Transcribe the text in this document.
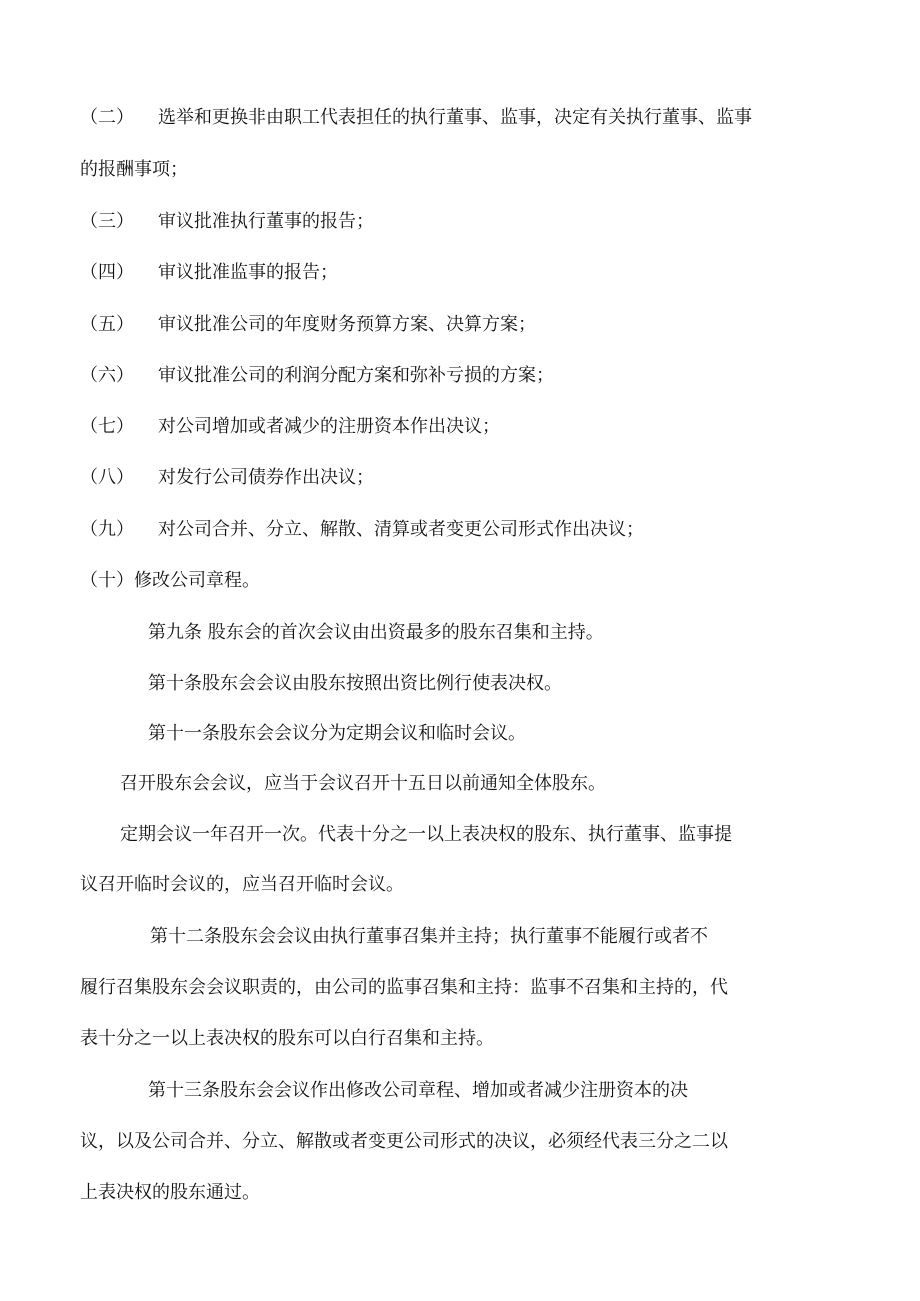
（二） 选举和更换非由职工代表担任的执行董事、监事，决定有关执行董事、监事
的报酬事项；
（三） 审议批准执行董事的报告；
（四） 审议批准监事的报告；
（五） 审议批准公司的年度财务预算方案、决算方案；
（六） 审议批准公司的利润分配方案和弥补亏损的方案；
（七） 对公司增加或者减少的注册资本作出决议；
（八） 对发行公司债券作出决议；
（九） 对公司合并、分立、解散、清算或者变更公司形式作出决议；
（十）修改公司章程。
第九条 股东会的首次会议由出资最多的股东召集和主持。
第十条股东会会议由股东按照出资比例行使表决权。
第十一条股东会会议分为定期会议和临时会议。
召开股东会会议，应当于会议召开十五日以前通知全体股东。
定期会议一年召开一次。代表十分之一以上表决权的股东、执行董事、监事提
议召开临时会议的，应当召开临时会议。
第十二条股东会会议由执行董事召集并主持；执行董事不能履行或者不
履行召集股东会会议职责的，由公司的监事召集和主持：监事不召集和主持的，代
表十分之一以上表决权的股东可以白行召集和主持。
第十三条股东会会议作出修改公司章程、增加或者减少注册资本的决
议，以及公司合并、分立、解散或者变更公司形式的决议，必须经代表三分之二以
上表决权的股东通过。
